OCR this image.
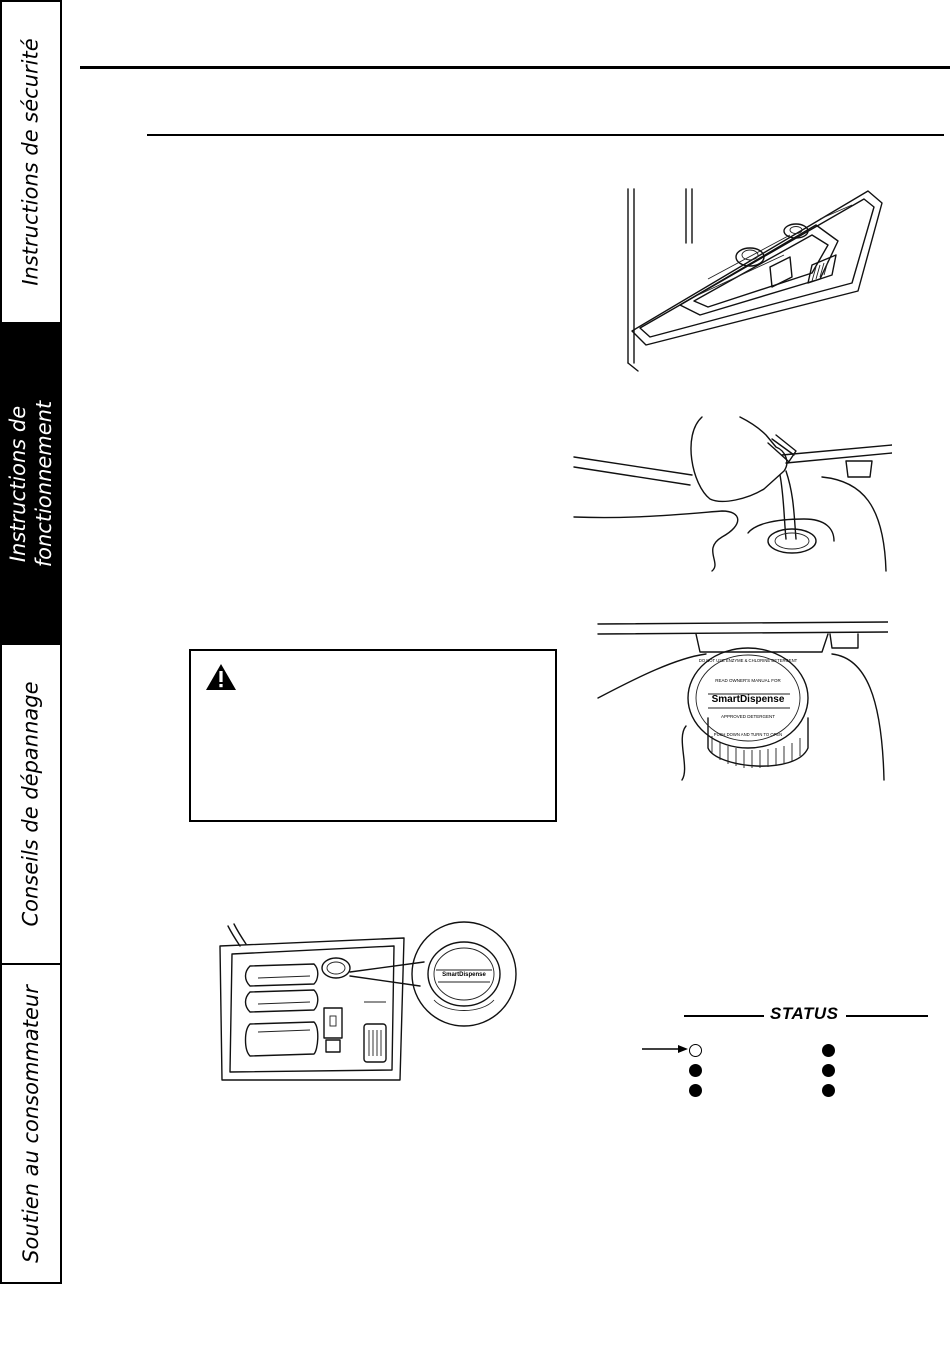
Instructions de sécurité
Instructions de fonctionnement
Conseils de dépannage
Soutien au consommateur
SmartDispense
READ OWNER'S MANUAL FOR
APPROVED DETERGENT
DO NOT USE ENZYME & CHLORINE DETERGENT
PUSH DOWN AND TURN TO OPEN
SmartDispense
STATUS
